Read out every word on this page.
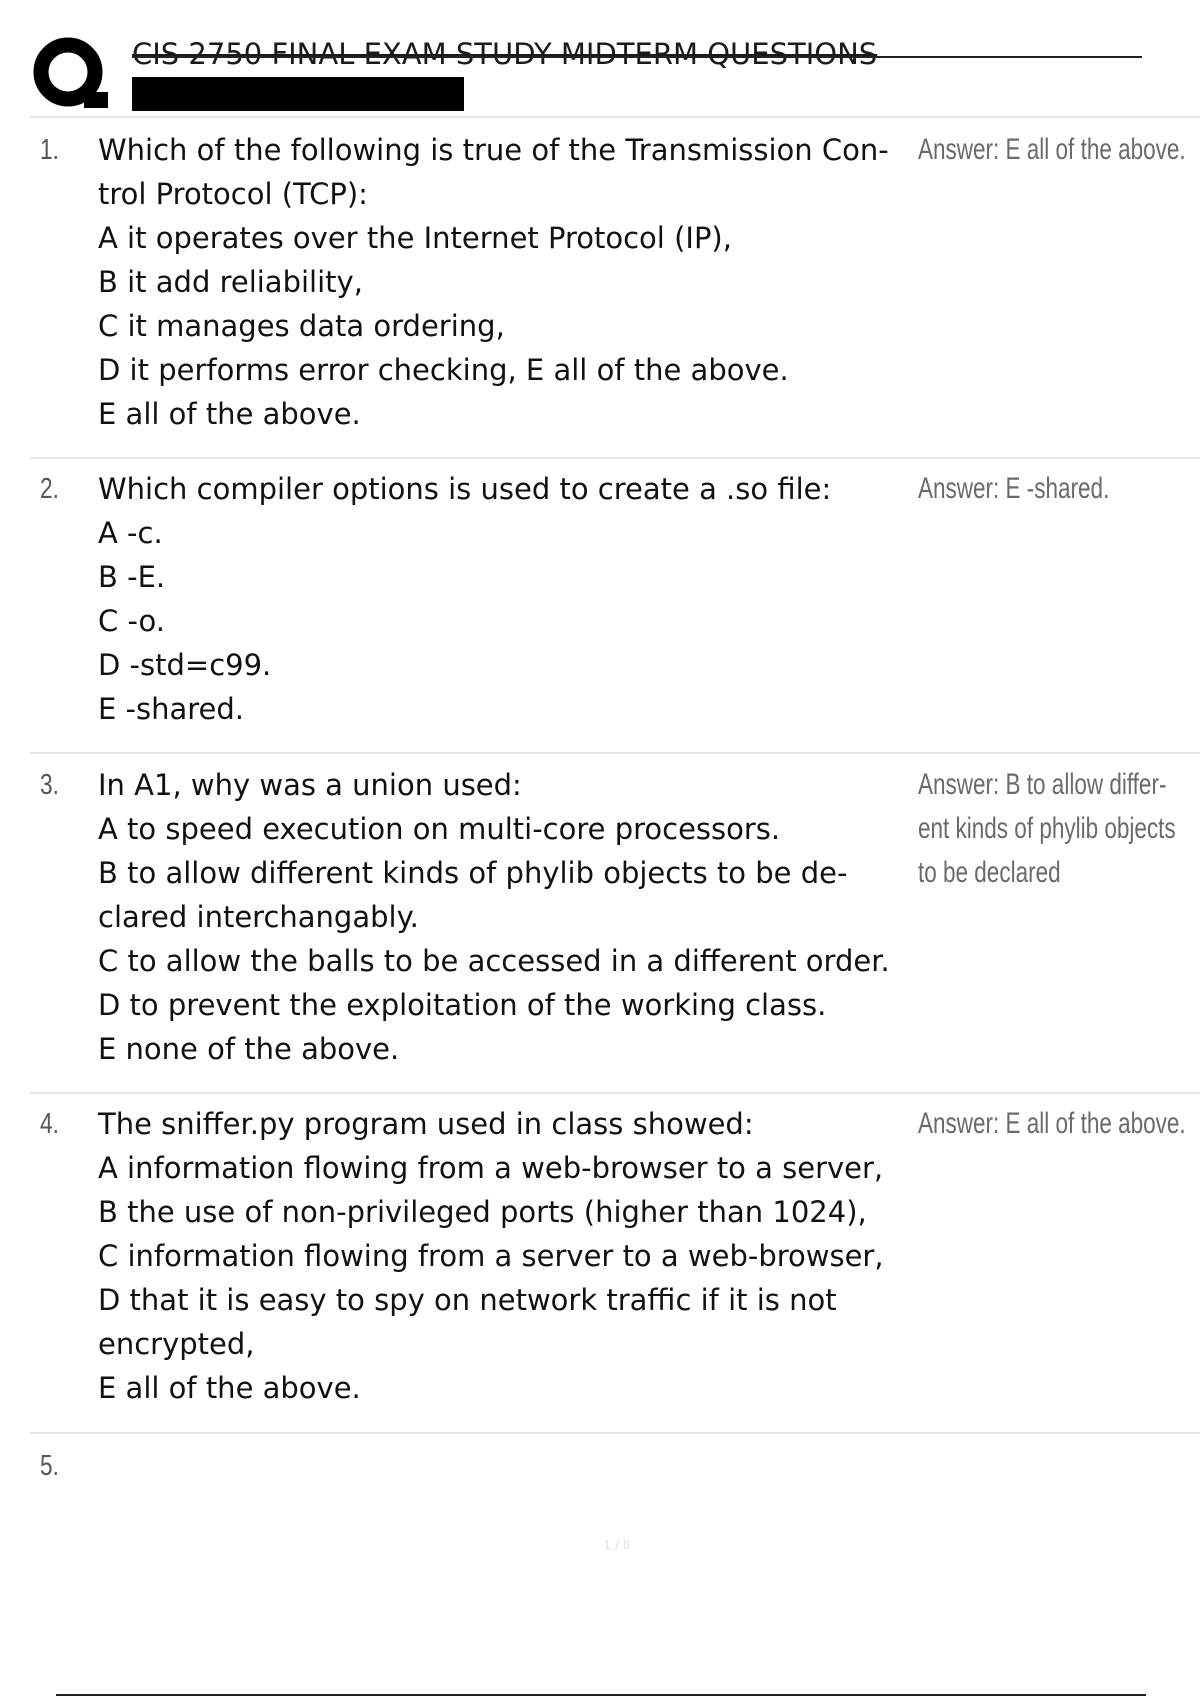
CIS 2750 FINAL EXAM STUDY MIDTERM QUESTIONS
1. Which of the following is true of the Transmission Con-
trol Protocol (TCP):
A it operates over the Internet Protocol (IP),
B it add reliability,
C it manages data ordering,
D it performs error checking, E all of the above.
E all of the above.
Answer: E all of the above.
2. Which compiler options is used to create a .so file:
A -c.
B -E.
C -o.
D -std=c99.
E -shared.
Answer: E -shared.
3. In A1, why was a union used:
A to speed execution on multi-core processors.
B to allow different kinds of phylib objects to be de-
clared interchangably.
C to allow the balls to be accessed in a different order.
D to prevent the exploitation of the working class.
E none of the above.
Answer: B to allow differ-
ent kinds of phylib objects
to be declared
4. The sniffer.py program used in class showed:
A information flowing from a web-browser to a server,
B the use of non-privileged ports (higher than 1024),
C information flowing from a server to a web-browser,
D that it is easy to spy on network traffic if it is not
encrypted,
E all of the above.
Answer: E all of the above.
5.
1 / 8
